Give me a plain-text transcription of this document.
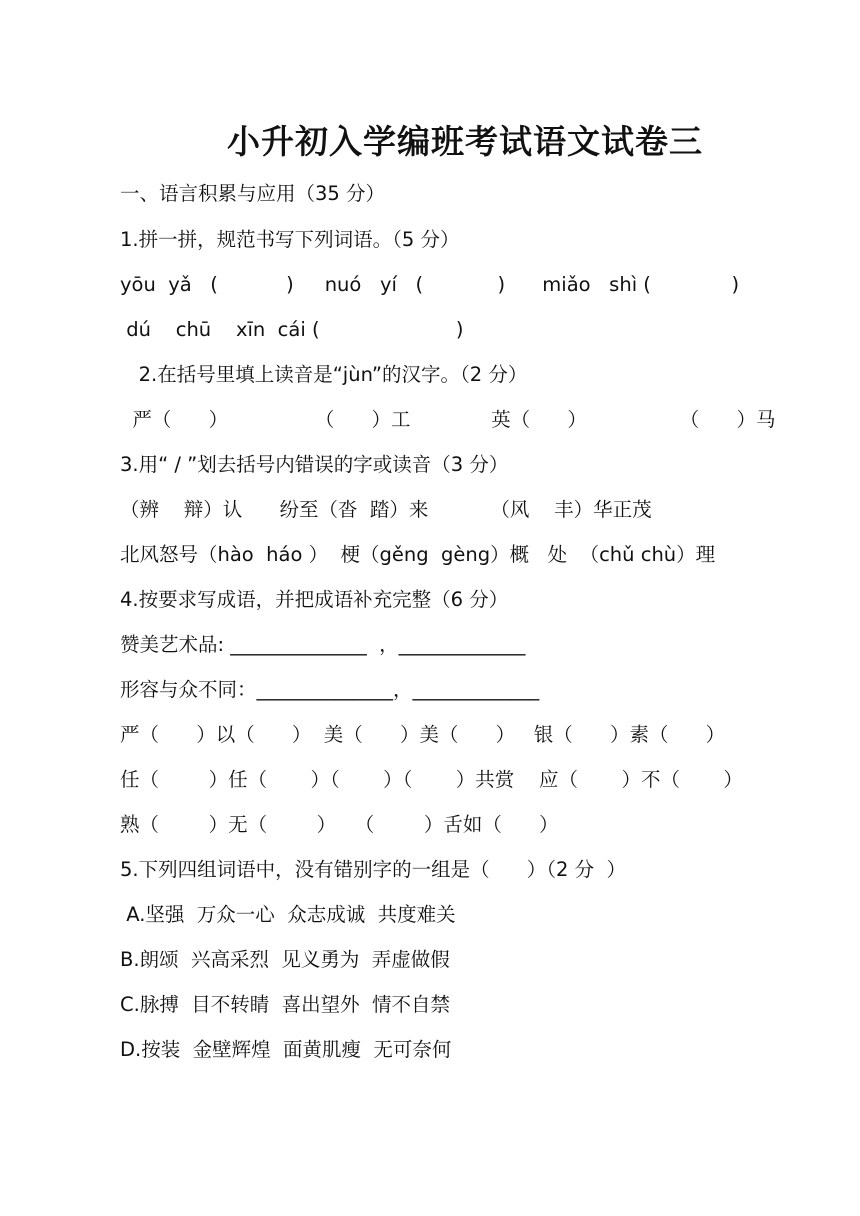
小升初入学编班考试语文试卷三
一、语言积累与应用（35 分）
1.拼一拼，规范书写下列词语。（5 分）
yōu  yǎ   (           )     nuó   yí   (            )      miǎo   shì (             )
dú    chū    xīn  cái (                      )
2.在括号里填上读音是“jùn”的汉字。（2 分）
严（      ）              （      ）工             英（      ）               （      ）马
3.用“ / ”划去括号内错误的字或读音（3 分）
（辨    辩）认      纷至（沓  踏）来          （风    丰）华正茂
北风怒号（hào  háo ）  梗（gěng  gèng）概   处  （chǔ chù）理
4.按要求写成语，并把成语补充完整（6 分）
赞美艺术品: ______________  ，_____________
形容与众不同：______________，_____________
严（      ）以（      ）  美（      ）美（      ）   银（      ）素（      ）
任（        ）任（       ）（       ）（       ）共赏    应（       ）不（       ）
熟（        ）无（        ）   （        ）舌如（      ）
5.下列四组词语中，没有错别字的一组是（      ）（2 分  ）
A.坚强  万众一心  众志成诚  共度难关
B.朗颂  兴高采烈  见义勇为  弄虚做假
C.脉搏  目不转睛  喜出望外  情不自禁
D.按装  金壁辉煌  面黄肌瘦  无可奈何
